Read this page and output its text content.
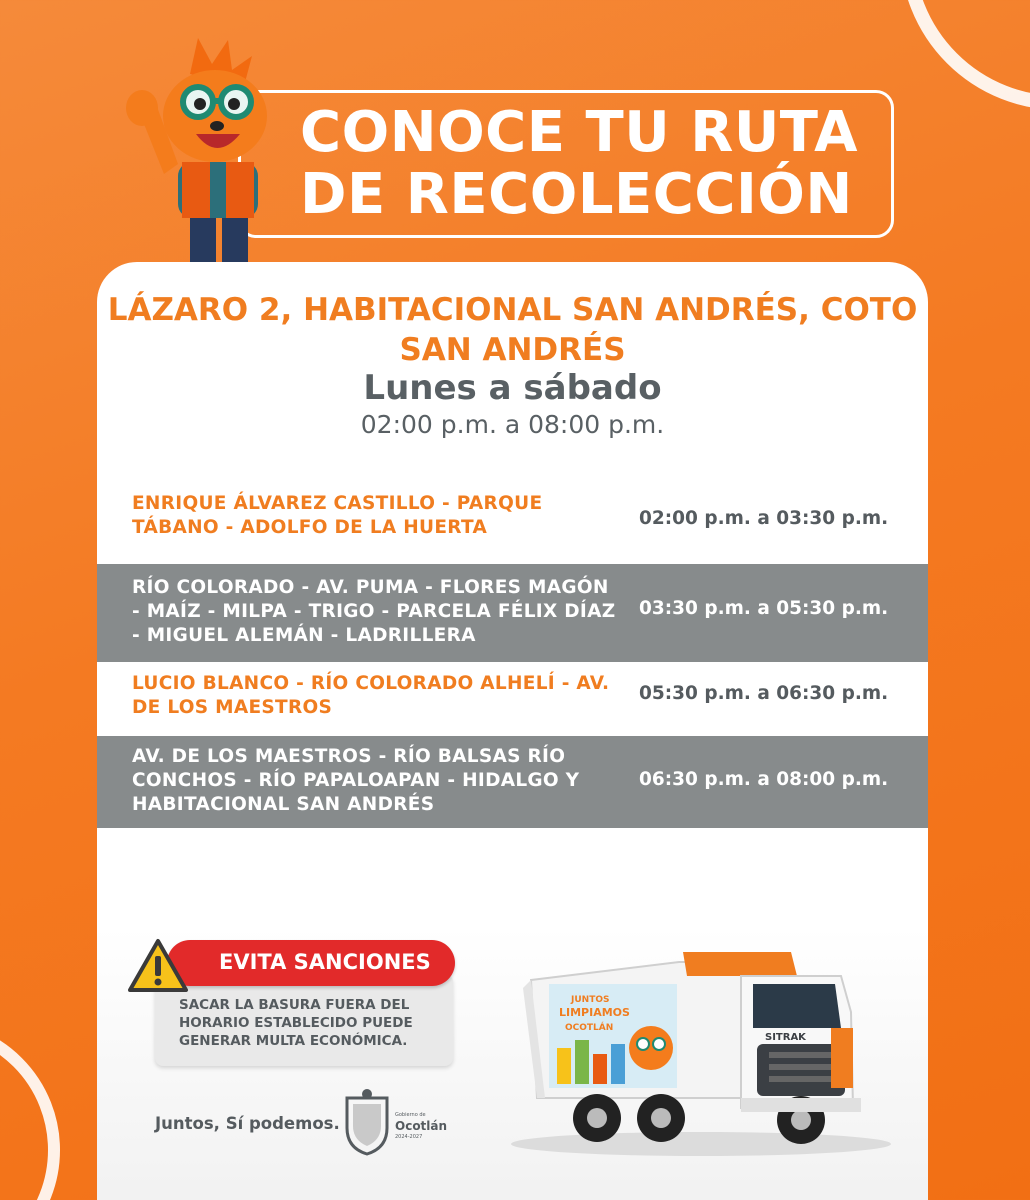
CONOCE TU RUTA DE RECOLECCIÓN
LÁZARO 2, HABITACIONAL SAN ANDRÉS, COTO SAN ANDRÉS
Lunes a sábado
02:00 p.m. a 08:00 p.m.
ENRIQUE ÁLVAREZ CASTILLO - PARQUE TÁBANO - ADOLFO DE LA HUERTA	02:00 p.m. a 03:30 p.m.
RÍO COLORADO - AV. PUMA - FLORES MAGÓN - MAÍZ - MILPA - TRIGO - PARCELA FÉLIX DÍAZ - MIGUEL ALEMÁN - LADRILLERA
03:30 p.m. a 05:30 p.m.
LUCIO BLANCO - RÍO COLORADO ALHELÍ - AV. DE LOS MAESTROS
05:30 p.m. a 06:30 p.m.
AV. DE LOS MAESTROS - RÍO BALSAS RÍO CONCHOS - RÍO PAPALOAPAN - HIDALGO Y HABITACIONAL SAN ANDRÉS
06:30 p.m. a 08:00 p.m.
SACAR LA BASURA FUERA DEL HORARIO ESTABLECIDO PUEDE GENERAR MULTA ECONÓMICA.
EVITA SANCIONES
Juntos, Sí podemos.	Gobierno de
Ocotlán
2024-2027
SITRAK
JUNTOS
LIMPIAMOS
OCOTLÁN
